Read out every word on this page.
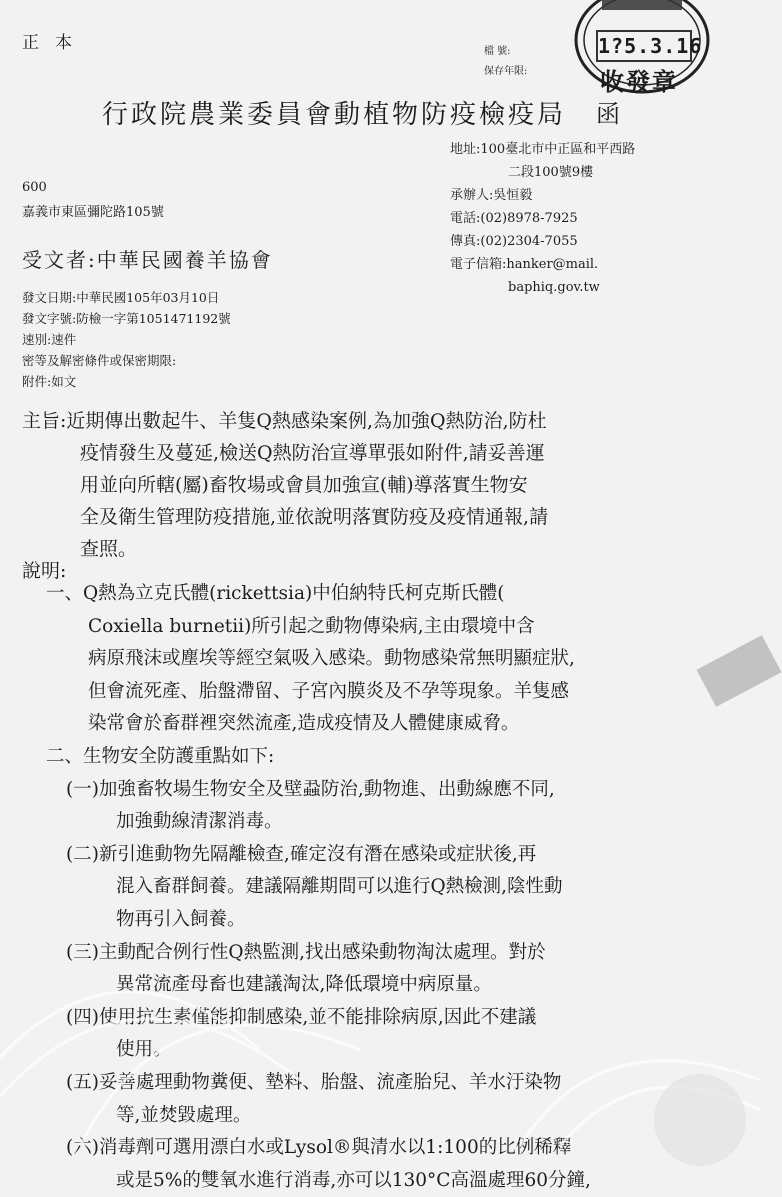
正本	檔 號:
保存年限:
1?5.3.16
收發章
行政院農業委員會動植物防疫檢疫局 函
地址:100臺北市中正區和平西路
二段100號9樓
承辦人:吳恒毅
電話:(02)8978-7925
傳真:(02)2304-7055
電子信箱:hanker@mail.
baphiq.gov.tw
600
嘉義市東區彌陀路105號
受文者:中華民國養羊協會
發文日期:中華民國105年03月10日
發文字號:防檢一字第1051471192號
速別:速件
密等及解密條件或保密期限:
附件:如文
主旨:近期傳出數起牛、羊隻Q熱感染案例,為加強Q熱防治,防杜
疫情發生及蔓延,檢送Q熱防治宣導單張如附件,請妥善運
用並向所轄(屬)畜牧場或會員加強宣(輔)導落實生物安
全及衛生管理防疫措施,並依說明落實防疫及疫情通報,請
查照。
說明:
一、Q熱為立克氏體(rickettsia)中伯納特氏柯克斯氏體(
Coxiella burnetii)所引起之動物傳染病,主由環境中含
病原飛沫或塵埃等經空氣吸入感染。動物感染常無明顯症狀,
但會流死產、胎盤滯留、子宮內膜炎及不孕等現象。羊隻感
染常會於畜群裡突然流產,造成疫情及人體健康威脅。
二、生物安全防護重點如下:
(一)加強畜牧場生物安全及壁蝨防治,動物進、出動線應不同,
加強動線清潔消毒。
(二)新引進動物先隔離檢查,確定沒有潛在感染或症狀後,再
混入畜群飼養。建議隔離期間可以進行Q熱檢測,陰性動
物再引入飼養。
(三)主動配合例行性Q熱監測,找出感染動物淘汰處理。對於
異常流產母畜也建議淘汰,降低環境中病原量。
(四)使用抗生素僅能抑制感染,並不能排除病原,因此不建議
使用。
(五)妥善處理動物糞便、墊料、胎盤、流產胎兒、羊水汙染物
等,並焚毀處理。
(六)消毒劑可選用漂白水或Lysol®與清水以1:100的比例稀釋
或是5%的雙氧水進行消毒,亦可以130°C高溫處理60分鐘,
